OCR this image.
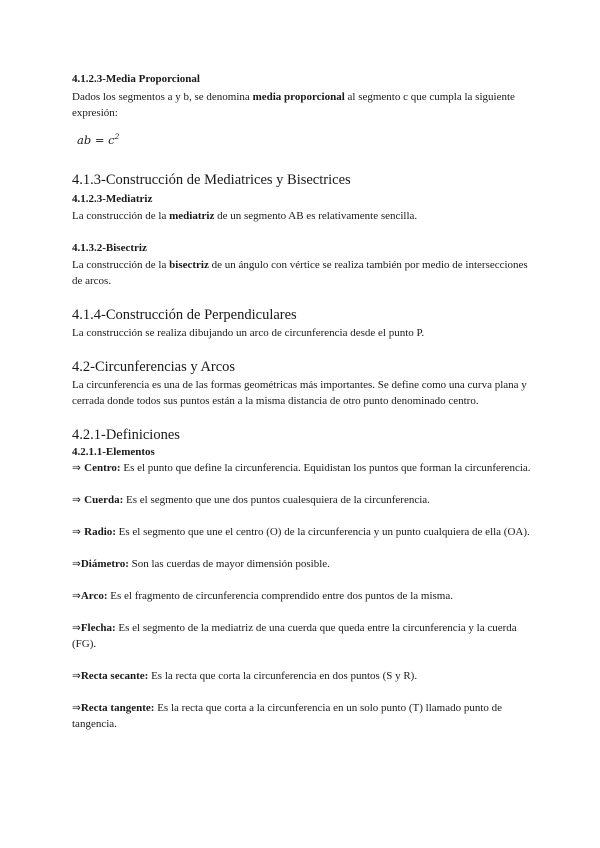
4.1.2.3-Media Proporcional

Dados los segmentos a y b, se denomina media proporcional al segmento c que cumpla la siguiente expresión:

ab = $c^2$
4.1.3-Construcción de Mediatrices y Bisectrices
4.1.2.3-Mediatriz

La construcción de la mediatriz de un segmento AB es relativamente sencilla.

4.1.3.2-Bisectriz

La construcción de la bisectriz de un ángulo con vértice se realiza también por medio de intersecciones de arcos.

4.1.4-Construcción de Perpendiculares

La construcción se realiza dibujando un arco de circunferencia desde el punto P.

4.2-Circunferencias y Arcos

La circunferencia es una de las formas geométricas más importantes. Se define como una curva plana y cerrada donde todos sus puntos están a la misma distancia de otro punto denominado centro.

4.2.1-Definiciones
4.2.1.1-Elementos

⇒ Centro: Es el punto que define la circunferencia. Equidistan los puntos que forman la circunferencia.

⇒ Cuerda: Es el segmento que une dos puntos cualesquiera de la circunferencia.

⇒ Radio: Es el segmento que une el centro (O) de la circunferencia y un punto cualquiera de ella (OA).

⇒Diámetro: Son las cuerdas de mayor dimensión posible.

⇒Arco: Es el fragmento de circunferencia comprendido entre dos puntos de la misma.

⇒Flecha: Es el segmento de la mediatriz de una cuerda que queda entre la circunferencia y la cuerda (FG).

⇒Recta secante: Es la recta que corta la circunferencia en dos puntos (S y R).

⇒Recta tangente: Es la recta que corta a la circunferencia en un solo punto (T) llamado punto de tangencia.
